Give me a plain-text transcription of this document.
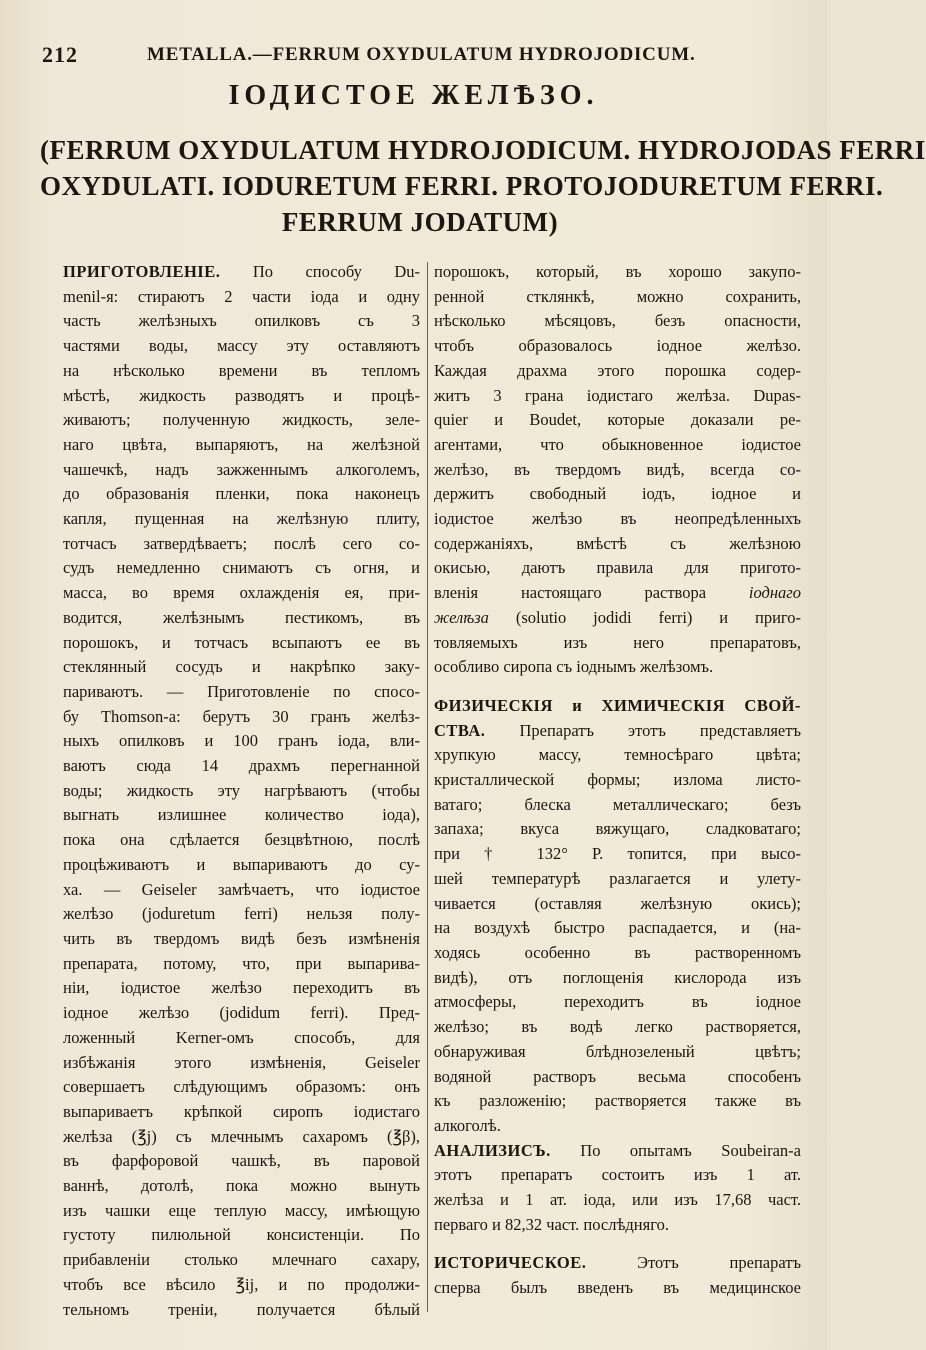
212	METALLA.—FERRUM OXYDULATUM HYDROJODICUM.
ІОДИСТОЕ ЖЕЛѢЗО.
(FERRUM OXYDULATUM HYDROJODICUM. HYDROJODAS FERRI
OXYDULATI. IODURETUM FERRI. PROTOJODURETUM FERRI.
FERRUM JODATUM)
ПРИГОТОВЛЕНІЕ. По способу Du-
menil-я: стираютъ 2 части іода и одну
часть желѣзныхъ опилковъ съ 3
частями воды, массу эту оставляютъ
на нѣсколько времени въ тепломъ
мѣстѣ, жидкость разводятъ и процѣ-
живаютъ; полученную жидкость, зеле-
наго цвѣта, выпаряютъ, на желѣзной
чашечкѣ, надъ зажженнымъ алкоголемъ,
до образованія пленки, пока наконецъ
капля, пущенная на желѣзную плиту,
тотчасъ затвердѣваетъ; послѣ сего со-
судъ немедленно снимаютъ съ огня, и
масса, во время охлажденія ея, при-
водится, желѣзнымъ пестикомъ, въ
порошокъ, и тотчасъ всыпаютъ ее въ
стеклянный сосудъ и накрѣпко заку-
париваютъ. — Приготовленіе по спосо-
бу Thomson-а: берутъ 30 гранъ желѣз-
ныхъ опилковъ и 100 гранъ іода, вли-
ваютъ сюда 14 драхмъ перегнанной
воды; жидкость эту нагрѣваютъ (чтобы
выгнать излишнее количество іода),
пока она сдѣлается безцвѣтною, послѣ
процѣживаютъ и выпариваютъ до су-
ха. — Geiseler замѣчаетъ, что іодистое
желѣзо (joduretum ferri) нельзя полу-
чить въ твердомъ видѣ безъ измѣненія
препарата, потому, что, при выпарива-
ніи, іодистое желѣзо переходитъ въ
іодное желѣзо (jodidum ferri). Пред-
ложенный Kerner-омъ способъ, для
избѣжанія этого измѣненія, Geiseler
совершаетъ слѣдующимъ образомъ: онъ
выпариваетъ крѣпкой сиропъ іодистаго
желѣза (℥j) съ млечнымъ сахаромъ (℥β),
въ фарфоровой чашкѣ, въ паровой
ваннѣ, дотолѣ, пока можно вынуть
изъ чашки еще теплую массу, имѣющую
густоту пилюльной консистенціи. По
прибавленіи столько млечнаго сахару,
чтобъ все вѣсило ℥ij, и по продолжи-
тельномъ треніи, получается бѣлый
порошокъ, который, въ хорошо закупо-
ренной стклянкѣ, можно сохранить,
нѣсколько мѣсяцовъ, безъ опасности,
чтобъ образовалось іодное желѣзо.
Каждая драхма этого порошка содер-
житъ 3 грана іодистаго желѣза. Dupas-
quier и Boudet, которые доказали ре-
агентами, что обыкновенное іодистое
желѣзо, въ твердомъ видѣ, всегда со-
держитъ свободный іодъ, іодное и
іодистое желѣзо въ неопредѣленныхъ
содержаніяхъ, вмѣстѣ съ желѣзною
окисью, даютъ правила для пригото-
вленія настоящаго раствора	іоднаго
желѣза (solutio jodidi ferri) и приго-
товляемыхъ изъ него препаратовъ,
особливо сиропа съ іоднымъ желѣзомъ.
ФИЗИЧЕСКІЯ и ХИМИЧЕСКІЯ СВОЙ-
СТВА. Препаратъ этотъ представляетъ
хрупкую массу, темносѣраго цвѣта;
кристаллической формы; излома листо-
ватаго; блеска металлическаго; безъ
запаха; вкуса вяжущаго, сладковатаго;
при † 132° Р. топится, при высо-
шей температурѣ разлагается и улету-
чивается (оставляя желѣзную окись);
на воздухѣ быстро распадается, и (на-
ходясь особенно въ растворенномъ
видѣ), отъ поглощенія кислорода изъ
атмосферы, переходитъ въ іодное
желѣзо; въ водѣ легко растворяется,
обнаруживая блѣднозеленый цвѣтъ;
водяной растворъ весьма способенъ
къ разложенію; растворяется также въ
алкоголѣ.
АНАЛИЗИСЪ. По опытамъ Soubeiran-а
этотъ препаратъ состоитъ изъ 1 ат.
желѣза и 1 ат. іода, или изъ 17,68 част.
перваго и 82,32 част. послѣдняго.
ИСТОРИЧЕСКОЕ.	Этотъ препаратъ
сперва былъ введенъ въ медицинское
